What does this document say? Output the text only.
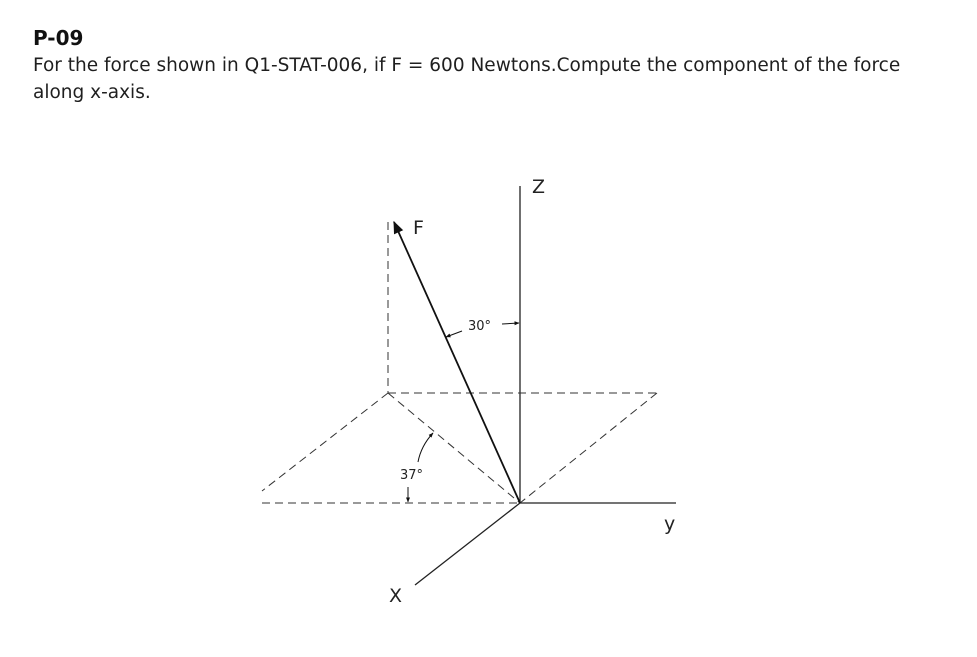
P-09
For the force shown in Q1-STAT-006, if F = 600 Newtons.Compute the component of the force along x-axis.
Z
F
30°
37°
y
X
